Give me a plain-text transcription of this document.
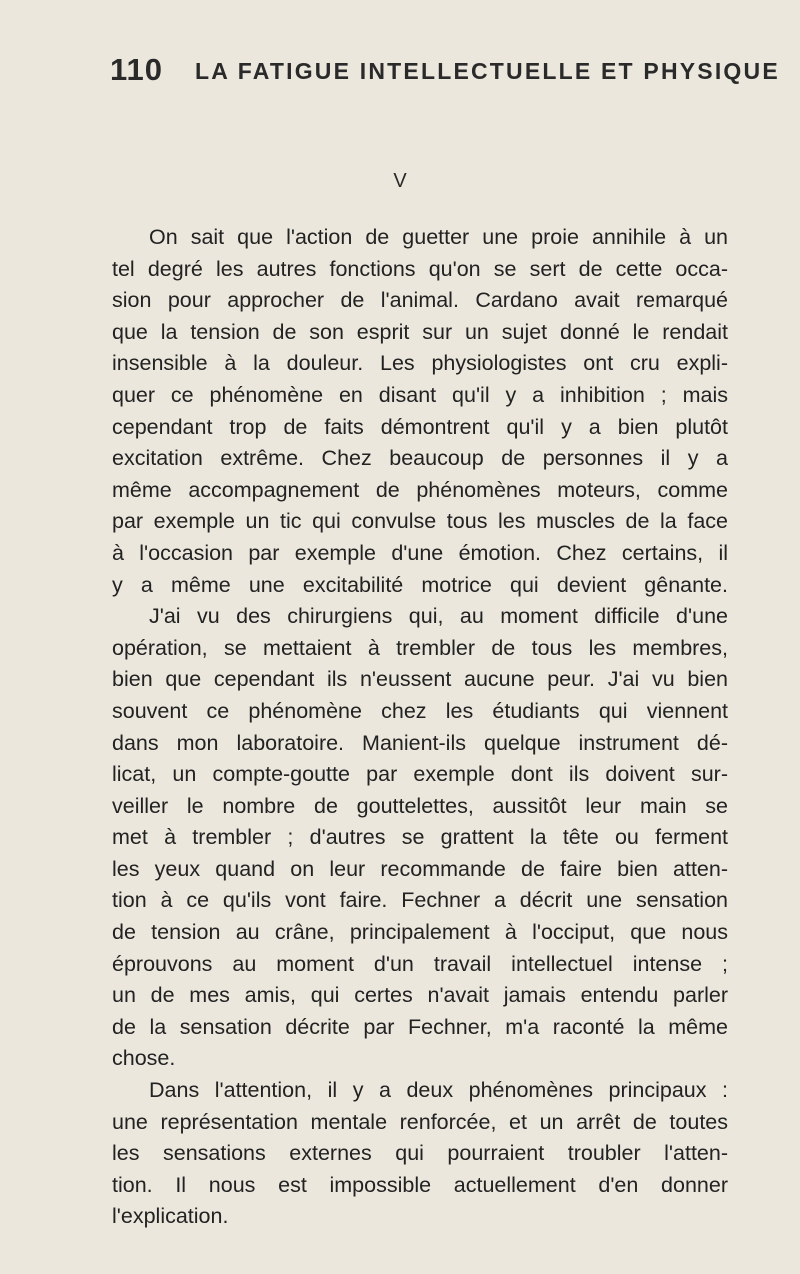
110 LA FATIGUE INTELLECTUELLE ET PHYSIQUE
V
On sait que l'action de guetter une proie annihile à un
tel degré les autres fonctions qu'on se sert de cette occa-
sion pour approcher de l'animal. Cardano avait remarqué
que la tension de son esprit sur un sujet donné le rendait
insensible à la douleur. Les physiologistes ont cru expli-
quer ce phénomène en disant qu'il y a inhibition ; mais
cependant trop de faits démontrent qu'il y a bien plutôt
excitation extrême. Chez beaucoup de personnes il y a
même accompagnement de phénomènes moteurs, comme
par exemple un tic qui convulse tous les muscles de la face
à l'occasion par exemple d'une émotion. Chez certains, il
y a même une excitabilité motrice qui devient gênante.
J'ai vu des chirurgiens qui, au moment difficile d'une
opération, se mettaient à trembler de tous les membres,
bien que cependant ils n'eussent aucune peur. J'ai vu bien
souvent ce phénomène chez les étudiants qui viennent
dans mon laboratoire. Manient-ils quelque instrument dé-
licat, un compte-goutte par exemple dont ils doivent sur-
veiller le nombre de gouttelettes, aussitôt leur main se
met à trembler ; d'autres se grattent la tête ou ferment
les yeux quand on leur recommande de faire bien atten-
tion à ce qu'ils vont faire. Fechner a décrit une sensation
de tension au crâne, principalement à l'occiput, que nous
éprouvons au moment d'un travail intellectuel intense ;
un de mes amis, qui certes n'avait jamais entendu parler
de la sensation décrite par Fechner, m'a raconté la même
chose.
Dans l'attention, il y a deux phénomènes principaux :
une représentation mentale renforcée, et un arrêt de toutes
les sensations externes qui pourraient troubler l'atten-
tion. Il nous est impossible actuellement d'en donner
l'explication.
